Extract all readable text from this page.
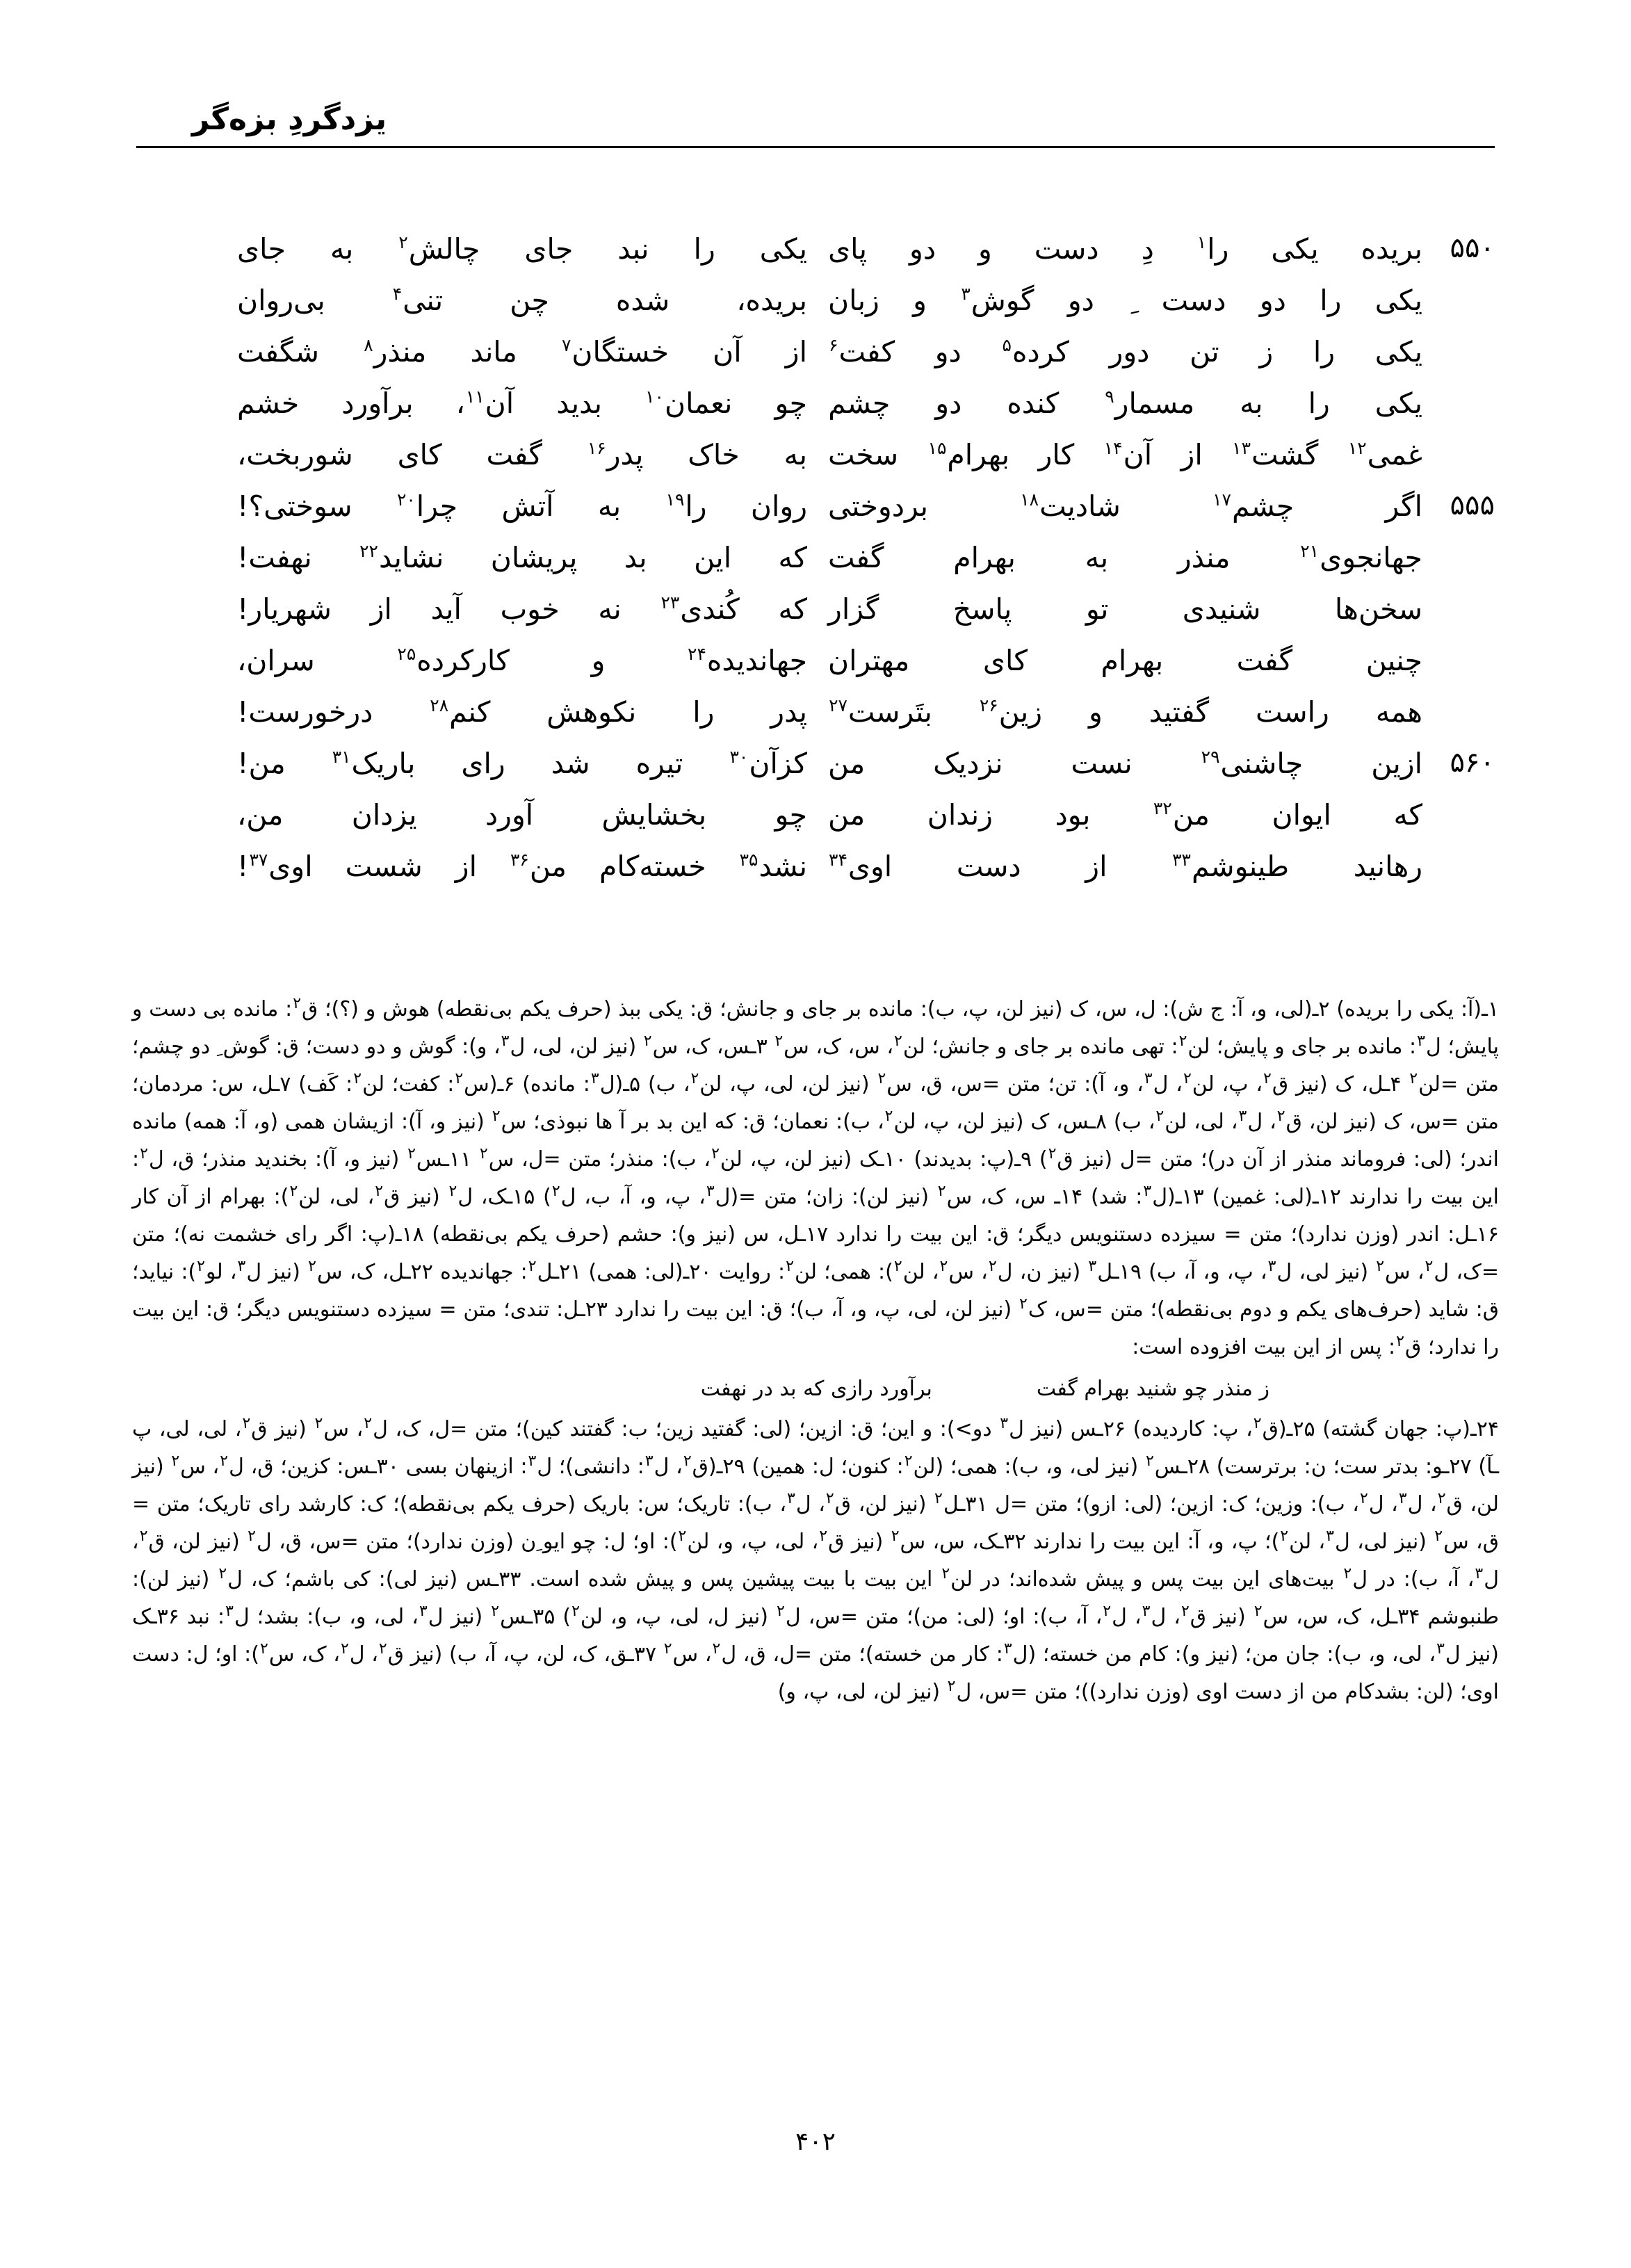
یزدگردِ بزه‌گر
۵۵۰
بریده
یکی
را$^۱$
دِ
دست
و
دو
پای
یکی
را
نبد
جای
چالش$^۲$
به
جای
یکی
را
دو
دست
دو
گوش$^۳$
و
زبان
بریده،
شده
چن
تنی$^۴$
بی‌روان
یکی
را
ز
تن
دور
کرده$^۵$
دو
کفت$^۶$
از
آن
خستگان$^۷$
ماند
منذر$^۸$
شگفت
یکی
را
به
مسمار$^۹$
کنده
دو
چشم
چو
نعمان$^{۱۰}$
بدید
آن$^{۱۱}$،
برآورد
خشم
غمی$^{۱۲}$
گشت$^{۱۳}$
از
آن$^{۱۴}$
کار
بهرام$^{۱۵}$
سخت
به
خاک
پدر$^{۱۶}$
گفت
کای
شوربخت،
۵۵۵
اگر
چشم$^{۱۷}$
شادیت$^{۱۸}$
بردوختی
روان
را$^{۱۹}$
به
آتش
چرا$^{۲۰}$
سوختی؟!
جهانجوی$^{۲۱}$
منذر
به
بهرام
گفت
که
این
بد
پریشان
نشاید$^{۲۲}$
نهفت!
سخن‌ها
شنیدی
تو
پاسخ
گزار
که
کُندی$^{۲۳}$
نه
خوب
آید
از
شهریار!
چنین
گفت
بهرام
کای
مهتران
جهاندیده$^{۲۴}$
و
کارکرده$^{۲۵}$
سران،
همه
راست
گفتید
و
زین$^{۲۶}$
بتَرست$^{۲۷}$
پدر
را
نکوهش
کنم$^{۲۸}$
درخورست!
۵۶۰
ازین
چاشنی$^{۲۹}$
نست
نزدیک
من
کزآن$^{۳۰}$
تیره
شد
رای
باریک$^{۳۱}$
من!
که
ایوان
من$^{۳۲}$
بود
زندان
من
چو
بخشایش
آورد
یزدان
من،
رهانید
طینوشم$^{۳۳}$
از
دست
اوی$^{۳۴}$
نشد$^{۳۵}$
خسته‌کام
من$^{۳۶}$
از
شست
اوی$^{۳۷}$!

۱ـ(آ: یکی را بریده) ۲ـ(لی، و، آ: ج ش): ل، س، ک (نیز لن، پ، ب): مانده بر جای و جانش؛ ق: یکی ببذ (حرف یکم بی‌نقطه) هوش و (؟)؛ ق$^۲$: مانده بی دست و پایش؛ ل$^۳$: مانده بر جای و پایش؛ لن$^۲$: تهی مانده بر جای و جانش؛ لن$^۲$، س، ک، س$^۲$ ۳ـس، ک، س$^۲$ (نیز لن، لی، ل$^۳$، و): گوش و دو دست؛ ق: گوش ِ دو چشم؛ متن =لن$^۲$ ۴ـل، ک (نیز ق$^۲$، پ، لن$^۲$، ل$^۳$، و، آ): تن؛ متن =س، ق، س$^۲$ (نیز لن، لی، پ، لن$^۲$، ب) ۵ـ(ل$^۳$: مانده) ۶ـ(س$^۲$: کفت؛ لن$^۲$: کَف) ۷ـل، س: مردمان؛ متن =س، ک (نیز لن، ق$^۲$، ل$^۳$، لی، لن$^۲$، ب) ۸ـس، ک (نیز لن، پ، لن$^۲$، ب): نعمان؛ ق: که این بد بر آ ها نبوذی؛ س$^۲$ (نیز و، آ): ازیشان همی (و، آ: همه) مانده اندر؛ (لی: فروماند منذر از آن در)؛ متن =ل (نیز ق$^۲$) ۹ـ(پ: بدیدند) ۱۰ـک (نیز لن، پ، لن$^۲$، ب): منذر؛ متن =ل، س$^۲$ ۱۱ـس$^۲$ (نیز و، آ): بخندید منذر؛ ق، ل$^۲$: این بیت را ندارند ۱۲ـ(لی: غمین) ۱۳ـ(ل$^۳$: شد) ۱۴ـ س، ک، س$^۲$ (نیز لن): زان؛ متن =(ل$^۳$، پ، و، آ، ب، ل$^۲$) ۱۵ـک، ل$^۲$ (نیز ق$^۲$، لی، لن$^۲$): بهرام از آن کار ۱۶ـل: اندر (وزن ندارد)؛ متن = سیزده دستنویس دیگر؛ ق: این بیت را ندارد ۱۷ـل، س (نیز و): حشم (حرف یکم بی‌نقطه) ۱۸ـ(پ: اگر رای خشمت نه)؛ متن =ک، ل$^۲$، س$^۲$ (نیز لی، ل$^۳$، پ، و، آ، ب) ۱۹ـل$^۳$ (نیز ن، ل$^۲$، س$^۲$، لن$^۲$): همی؛ لن$^۲$: روایت ۲۰ـ(لی: همی) ۲۱ـل$^۲$: جهاندیده ۲۲ـل، ک، س$^۲$ (نیز ل$^۳$، لو$^۲$): نیاید؛ ق: شاید (حرف‌های یکم و دوم بی‌نقطه)؛ متن =س، ک$^۲$ (نیز لن، لی، پ، و، آ، ب)؛ ق: این بیت را ندارد ۲۳ـل: تندی؛ متن = سیزده دستنویس دیگر؛ ق: این بیت را ندارد؛ ق$^۲$: پس از این بیت افزوده است:

ز منذر چو شنید بهرام گفت
برآورد رازی که بد در نهفت

۲۴ـ(پ: جهان گشته) ۲۵ـ(ق$^۲$، پ: کاردیده) ۲۶ـس (نیز ل$^۳$ دو>): و این؛ ق: ازین؛ (لی: گفتید زین؛ ب: گفتند کین)؛ متن =ل، ک، ل$^۲$، س$^۲$ (نیز ق$^۲$، لی، لی، پ ـآ) ۲۷ـو: بدتر ست؛ ن: برترست) ۲۸ـس$^۲$ (نیز لی، و، ب): همی؛ (لن$^۲$: کنون؛ ل: همین) ۲۹ـ(ق$^۲$، ل$^۳$: دانشی)؛ ل$^۳$: ازینهان بسی ۳۰ـس: کزین؛ ق، ل$^۲$، س$^۲$ (نیز لن، ق$^۲$، ل$^۳$، ل$^۲$، ب): وزین؛ ک: ازین؛ (لی: ازو)؛ متن =ل ۳۱ـل$^۲$ (نیز لن، ق$^۲$، ل$^۳$، ب): تاریک؛ س: باریک (حرف یکم بی‌نقطه)؛ ک: کارشد رای تاریک؛ متن = ق، س$^۲$ (نیز لی، ل$^۳$، لن$^۲$)؛ پ، و، آ: این بیت را ندارند ۳۲ـک، س، س$^۲$ (نیز ق$^۲$، لی، پ، و، لن$^۲$): او؛ ل: چو ایو ِن (وزن ندارد)؛ متن =س، ق، ل$^۲$ (نیز لن، ق$^۲$، ل$^۳$، آ، ب): در ل$^۲$ بیت‌های این بیت پس و پیش شده‌اند؛ در لن$^۲$ این بیت با بیت پیشین پس و پیش شده است. ۳۳ـس (نیز لی): کی باشم؛ ک، ل$^۲$ (نیز لن): طنبوشم ۳۴ـل، ک، س، س$^۲$ (نیز ق$^۲$، ل$^۳$، ل$^۲$، آ، ب): او؛ (لی: من)؛ متن =س، ل$^۲$ (نیز ل، لی، پ، و، لن$^۲$) ۳۵ـس$^۲$ (نیز ل$^۳$، لی، و، ب): بشد؛ ل$^۳$: نبد ۳۶ـک (نیز ل$^۳$، لی، و، ب): جان من؛ (نیز و): کام من خسته؛ (ل$^۳$: کار من خسته)؛ متن =ل، ق، ل$^۲$، س$^۲$ ۳۷ـق، ک، لن، پ، آ، ب) (نیز ق$^۲$، ل$^۲$، ک، س$^۲$): او؛ ل: دست اوی؛ (لن: بشدکام من از دست اوی (وزن ندارد))؛ متن =س، ل$^۲$ (نیز لن، لی، پ، و)

۴۰۲
